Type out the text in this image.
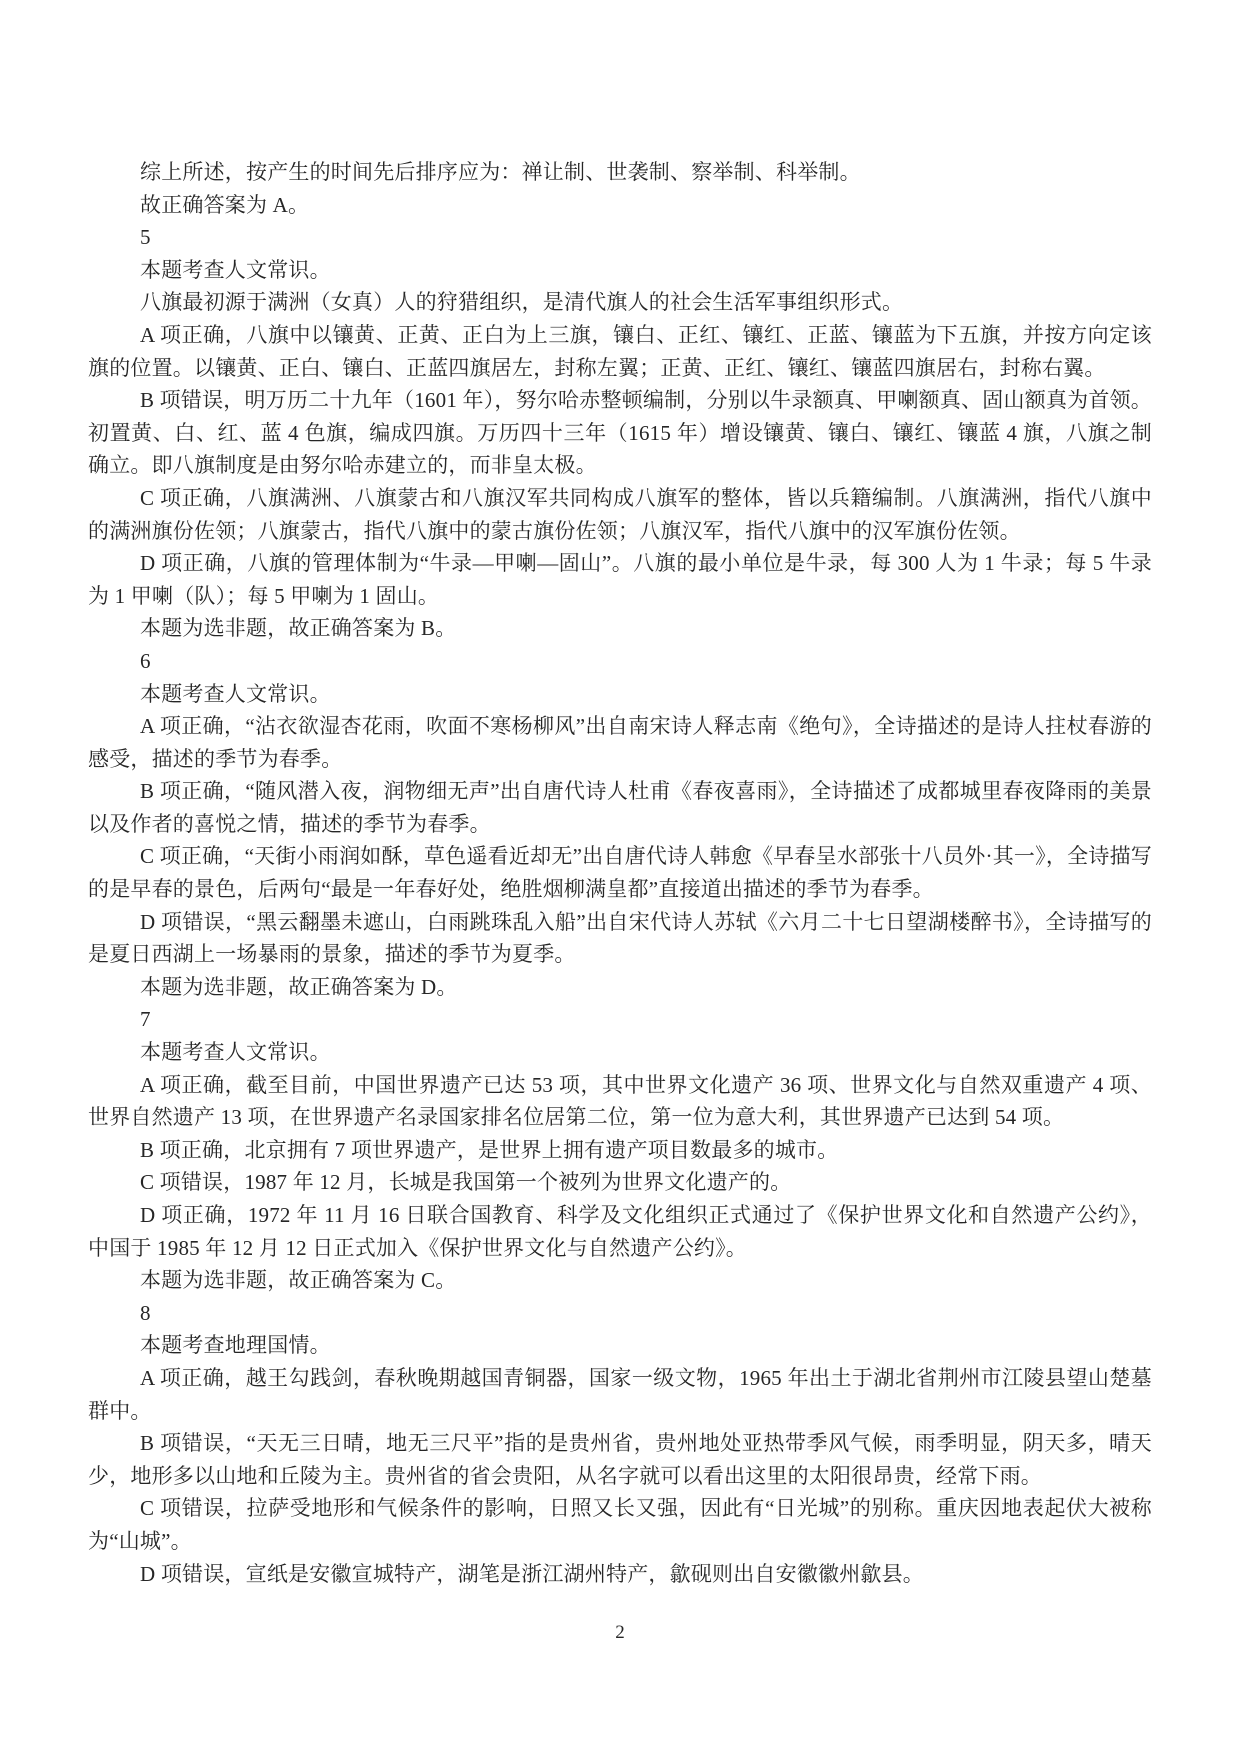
综上所述，按产生的时间先后排序应为：禅让制、世袭制、察举制、科举制。

故正确答案为 A。

5

本题考查人文常识。

八旗最初源于满洲（女真）人的狩猎组织，是清代旗人的社会生活军事组织形式。

A 项正确，八旗中以镶黄、正黄、正白为上三旗，镶白、正红、镶红、正蓝、镶蓝为下五旗，并按方向定该旗的位置。以镶黄、正白、镶白、正蓝四旗居左，封称左翼；正黄、正红、镶红、镶蓝四旗居右，封称右翼。

B 项错误，明万历二十九年（1601 年），努尔哈赤整顿编制，分别以牛录额真、甲喇额真、固山额真为首领。初置黄、白、红、蓝 4 色旗，编成四旗。万历四十三年（1615 年）增设镶黄、镶白、镶红、镶蓝 4 旗，八旗之制确立。即八旗制度是由努尔哈赤建立的，而非皇太极。

C 项正确，八旗满洲、八旗蒙古和八旗汉军共同构成八旗军的整体，皆以兵籍编制。八旗满洲，指代八旗中的满洲旗份佐领；八旗蒙古，指代八旗中的蒙古旗份佐领；八旗汉军，指代八旗中的汉军旗份佐领。

D 项正确，八旗的管理体制为“牛录—甲喇—固山”。八旗的最小单位是牛录，每 300 人为 1 牛录；每 5 牛录为 1 甲喇（队）；每 5 甲喇为 1 固山。

本题为选非题，故正确答案为 B。

6

本题考查人文常识。

A 项正确，“沾衣欲湿杏花雨，吹面不寒杨柳风”出自南宋诗人释志南《绝句》，全诗描述的是诗人拄杖春游的感受，描述的季节为春季。

B 项正确，“随风潜入夜，润物细无声”出自唐代诗人杜甫《春夜喜雨》，全诗描述了成都城里春夜降雨的美景以及作者的喜悦之情，描述的季节为春季。

C 项正确，“天街小雨润如酥，草色遥看近却无”出自唐代诗人韩愈《早春呈水部张十八员外·其一》，全诗描写的是早春的景色，后两句“最是一年春好处，绝胜烟柳满皇都”直接道出描述的季节为春季。

D 项错误，“黑云翻墨未遮山，白雨跳珠乱入船”出自宋代诗人苏轼《六月二十七日望湖楼醉书》，全诗描写的是夏日西湖上一场暴雨的景象，描述的季节为夏季。

本题为选非题，故正确答案为 D。

7

本题考查人文常识。

A 项正确，截至目前，中国世界遗产已达 53 项，其中世界文化遗产 36 项、世界文化与自然双重遗产 4 项、世界自然遗产 13 项，在世界遗产名录国家排名位居第二位，第一位为意大利，其世界遗产已达到 54 项。

B 项正确，北京拥有 7 项世界遗产，是世界上拥有遗产项目数最多的城市。

C 项错误，1987 年 12 月，长城是我国第一个被列为世界文化遗产的。

D 项正确，1972 年 11 月 16 日联合国教育、科学及文化组织正式通过了《保护世界文化和自然遗产公约》，中国于 1985 年 12 月 12 日正式加入《保护世界文化与自然遗产公约》。

本题为选非题，故正确答案为 C。

8

本题考查地理国情。

A 项正确，越王勾践剑，春秋晚期越国青铜器，国家一级文物，1965 年出土于湖北省荆州市江陵县望山楚墓群中。

B 项错误，“天无三日晴，地无三尺平”指的是贵州省，贵州地处亚热带季风气候，雨季明显，阴天多，晴天少，地形多以山地和丘陵为主。贵州省的省会贵阳，从名字就可以看出这里的太阳很昂贵，经常下雨。

C 项错误，拉萨受地形和气候条件的影响，日照又长又强，因此有“日光城”的别称。重庆因地表起伏大被称为“山城”。

D 项错误，宣纸是安徽宣城特产，湖笔是浙江湖州特产，歙砚则出自安徽徽州歙县。

2
